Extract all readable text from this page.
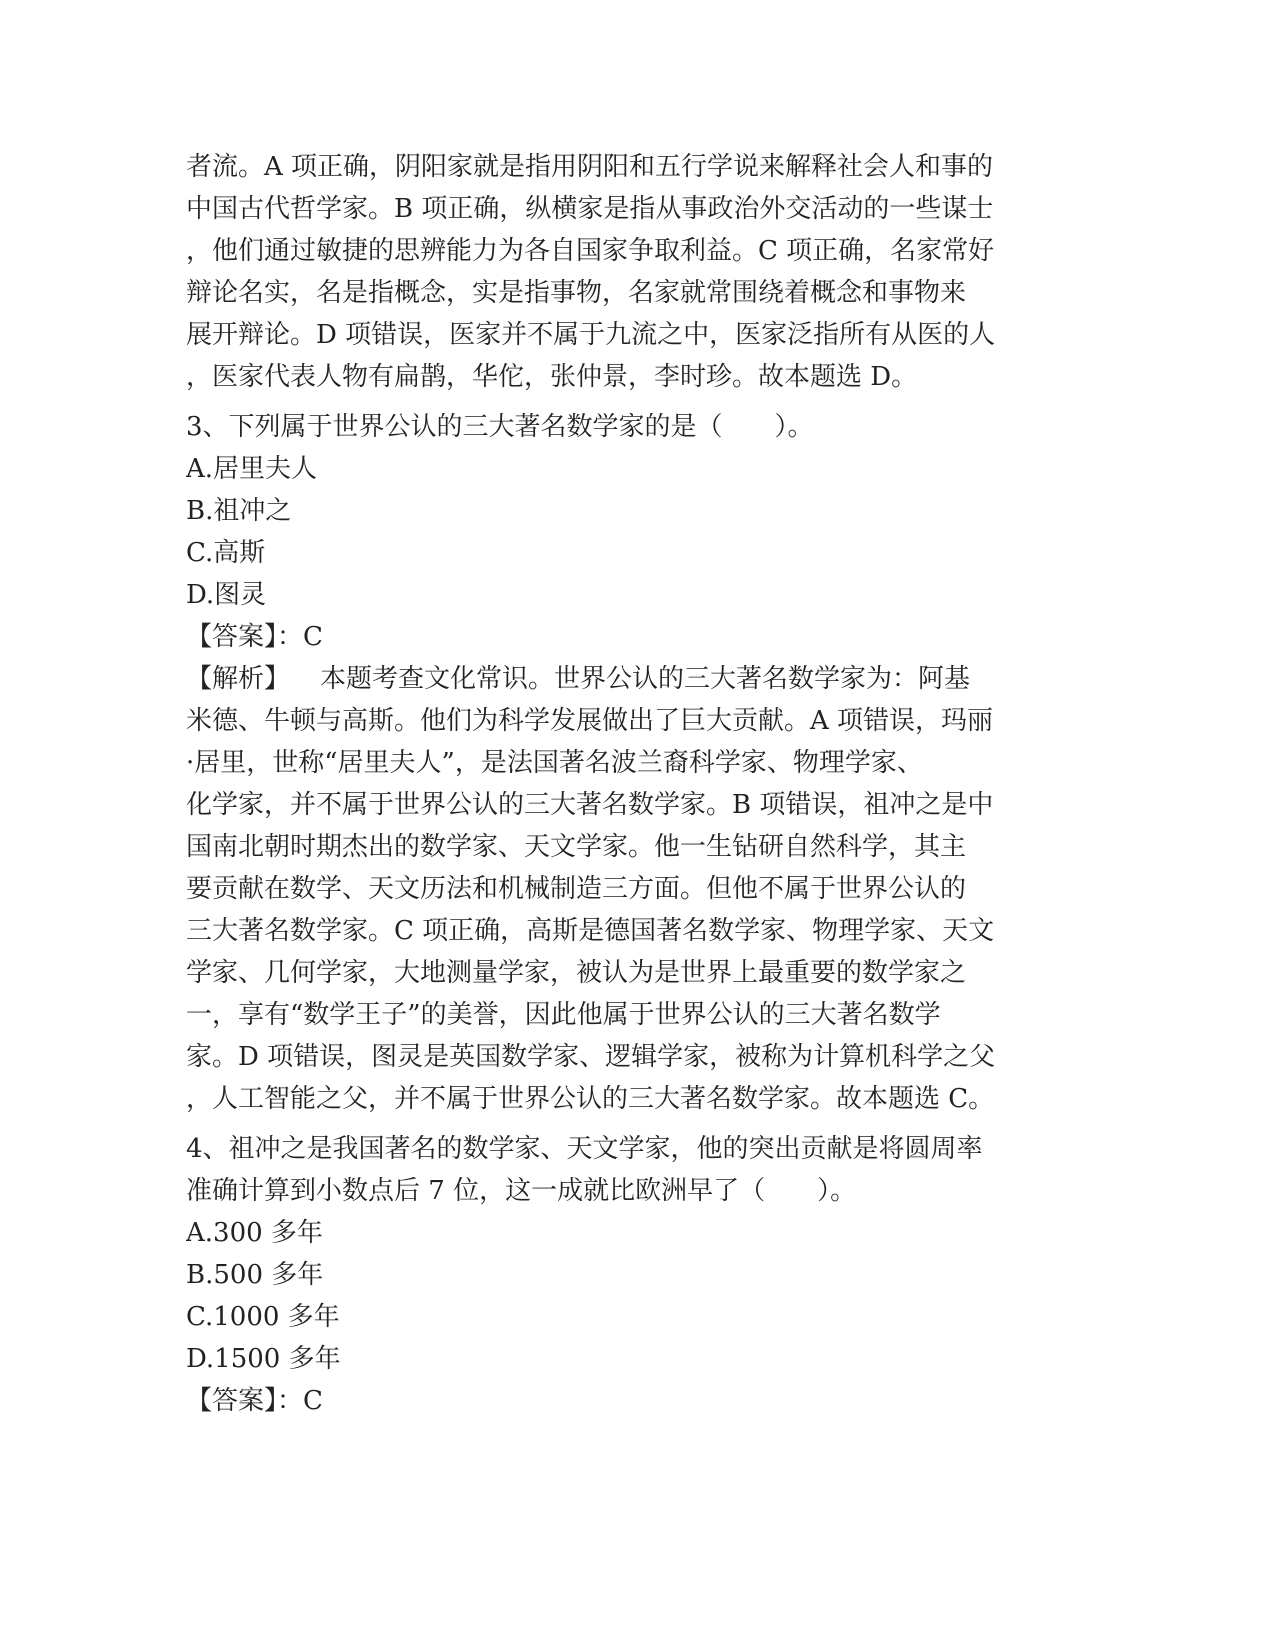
者流。A 项正确，阴阳家就是指用阴阳和五行学说来解释社会人和事的
中国古代哲学家。B 项正确，纵横家是指从事政治外交活动的一些谋士
，他们通过敏捷的思辨能力为各自国家争取利益。C 项正确，名家常好
辩论名实，名是指概念，实是指事物，名家就常围绕着概念和事物来
展开辩论。D 项错误，医家并不属于九流之中，医家泛指所有从医的人
，医家代表人物有扁鹊，华佗，张仲景，李时珍。故本题选 D。
3、下列属于世界公认的三大著名数学家的是（　　）。
A.居里夫人
B.祖冲之
C.高斯
D.图灵
【答案】：C
【解析】 本题考查文化常识。世界公认的三大著名数学家为：阿基
米德、牛顿与高斯。他们为科学发展做出了巨大贡献。A 项错误，玛丽
·居里，世称“居里夫人”，是法国著名波兰裔科学家、物理学家、
化学家，并不属于世界公认的三大著名数学家。B 项错误，祖冲之是中
国南北朝时期杰出的数学家、天文学家。他一生钻研自然科学，其主
要贡献在数学、天文历法和机械制造三方面。但他不属于世界公认的
三大著名数学家。C 项正确，高斯是德国著名数学家、物理学家、天文
学家、几何学家，大地测量学家，被认为是世界上最重要的数学家之
一，享有“数学王子”的美誉，因此他属于世界公认的三大著名数学
家。D 项错误，图灵是英国数学家、逻辑学家，被称为计算机科学之父
，人工智能之父，并不属于世界公认的三大著名数学家。故本题选 C。
4、祖冲之是我国著名的数学家、天文学家，他的突出贡献是将圆周率
准确计算到小数点后 7 位，这一成就比欧洲早了（　　）。
A.300 多年
B.500 多年
C.1000 多年
D.1500 多年
【答案】：C
